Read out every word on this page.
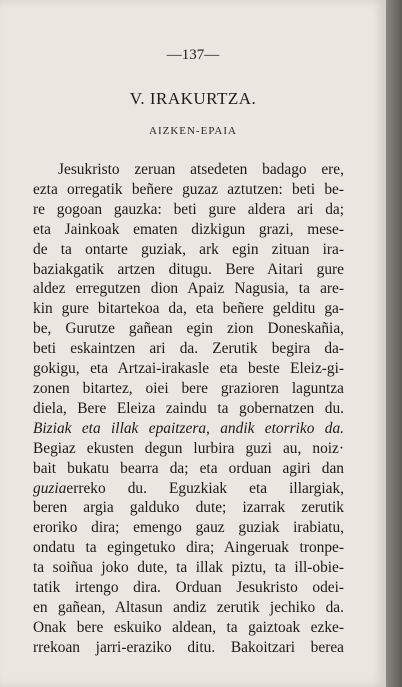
—137—
V. IRAKURTZA.
AIZKEN-EPAIA
Jesukristo zeruan atsedeten badago ere,
ezta orregatik beñere guzaz aztutzen: beti be-
re gogoan gauzka: beti gure aldera ari da;
eta Jainkoak ematen dizkigun grazi, mese-
de ta ontarte guziak, ark egin zituan ira-
baziakgatik artzen ditugu. Bere Aitari gure
aldez erregutzen dion Apaiz Nagusia, ta are-
kin gure bitartekoa da, eta beñere gelditu ga-
be, Gurutze gañean egin zion Doneskañia,
beti eskaintzen ari da. Zerutik begira da-
gokigu, eta Artzai-irakasle eta beste Eleiz-gi-
zonen bitartez, oiei bere grazioren laguntza
diela, Bere Eleiza zaindu ta gobernatzen du.
Biziak eta illak epaitzera, andik etorriko da.
Begiaz ekusten degun lurbira guzi au, noiz·
bait bukatu bearra da; eta orduan agiri dan
guziaerreko du. Eguzkiak eta illargiak,
beren argia galduko dute; izarrak zerutik
eroriko dira; emengo gauz guziak irabiatu,
ondatu ta egingetuko dira; Aingeruak tronpe-
ta soiñua joko dute, ta illak piztu, ta ill-obie-
tatik irtengo dira. Orduan Jesukristo odei-
en gañean, Altasun andiz zerutik jechiko da.
Onak bere eskuiko aldean, ta gaiztoak ezke-
rrekoan jarri-eraziko ditu. Bakoitzari berea
